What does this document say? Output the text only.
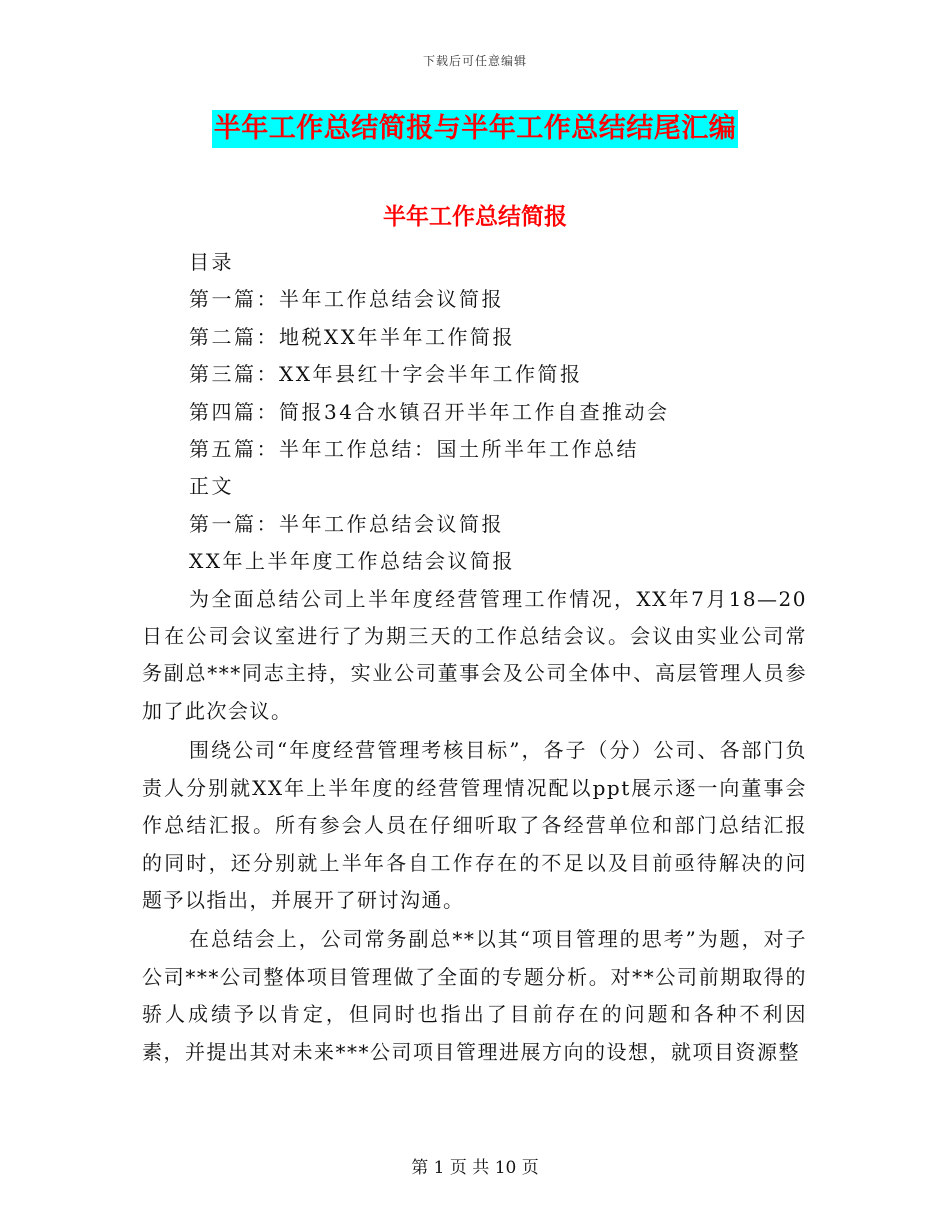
下载后可任意编辑
半年工作总结简报与半年工作总结结尾汇编
半年工作总结简报
目录
第一篇：半年工作总结会议简报
第二篇：地税XX年半年工作简报
第三篇：XX年县红十字会半年工作简报
第四篇：简报34合水镇召开半年工作自查推动会
第五篇：半年工作总结：国土所半年工作总结
正文
第一篇：半年工作总结会议简报
XX年上半年度工作总结会议简报
为全面总结公司上半年度经营管理工作情况，XX年7月18—20日在公司会议室进行了为期三天的工作总结会议。会议由实业公司常务副总***同志主持，实业公司董事会及公司全体中、高层管理人员参加了此次会议。
围绕公司“年度经营管理考核目标”，各子（分）公司、各部门负责人分别就XX年上半年度的经营管理情况配以ppt展示逐一向董事会作总结汇报。所有参会人员在仔细听取了各经营单位和部门总结汇报的同时，还分别就上半年各自工作存在的不足以及目前亟待解决的问题予以指出，并展开了研讨沟通。
在总结会上，公司常务副总**以其“项目管理的思考”为题，对子公司***公司整体项目管理做了全面的专题分析。对**公司前期取得的骄人成绩予以肯定，但同时也指出了目前存在的问题和各种不利因素，并提出其对未来***公司项目管理进展方向的设想，就项目资源整
第 1 页 共 10 页
